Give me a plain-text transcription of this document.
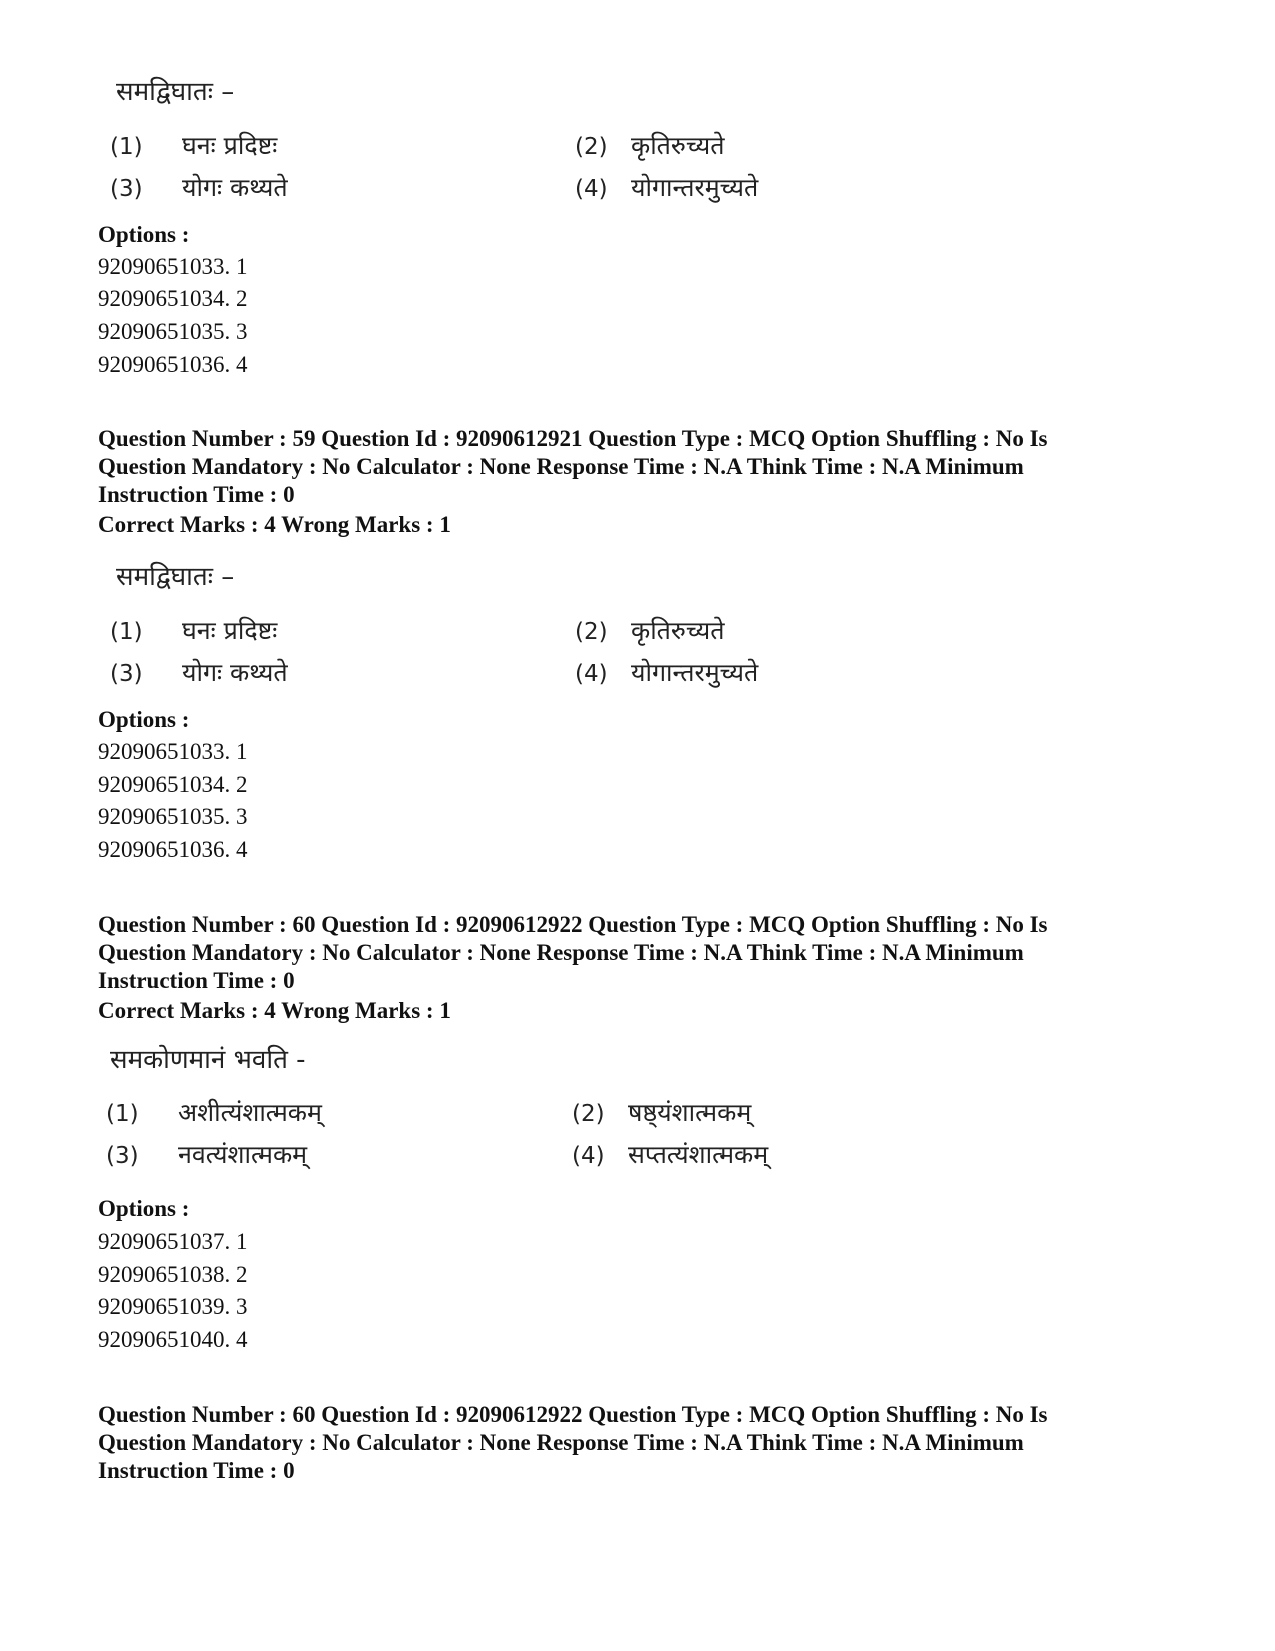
समद्विघातः –
(1) घनः प्रदिष्टः	(2) कृतिरुच्यते
(3) योगः कथ्यते	(4) योगान्तरमुच्यते
Options :
92090651033. 1
92090651034. 2
92090651035. 3
92090651036. 4
Question Number : 59 Question Id : 92090612921 Question Type : MCQ Option Shuffling : No Is
Question Mandatory : No Calculator : None Response Time : N.A Think Time : N.A Minimum
Instruction Time : 0
Correct Marks : 4 Wrong Marks : 1
समद्विघातः –
(1) घनः प्रदिष्टः	(2) कृतिरुच्यते
(3) योगः कथ्यते	(4) योगान्तरमुच्यते
Options :
92090651033. 1
92090651034. 2
92090651035. 3
92090651036. 4
Question Number : 60 Question Id : 92090612922 Question Type : MCQ Option Shuffling : No Is
Question Mandatory : No Calculator : None Response Time : N.A Think Time : N.A Minimum
Instruction Time : 0
Correct Marks : 4 Wrong Marks : 1
समकोणमानं भवति -
(1) अशीत्यंशात्मकम्	(2) षष्ठ्यंशात्मकम्
(3) नवत्यंशात्मकम्	(4) सप्तत्यंशात्मकम्
Options :
92090651037. 1
92090651038. 2
92090651039. 3
92090651040. 4
Question Number : 60 Question Id : 92090612922 Question Type : MCQ Option Shuffling : No Is
Question Mandatory : No Calculator : None Response Time : N.A Think Time : N.A Minimum
Instruction Time : 0
